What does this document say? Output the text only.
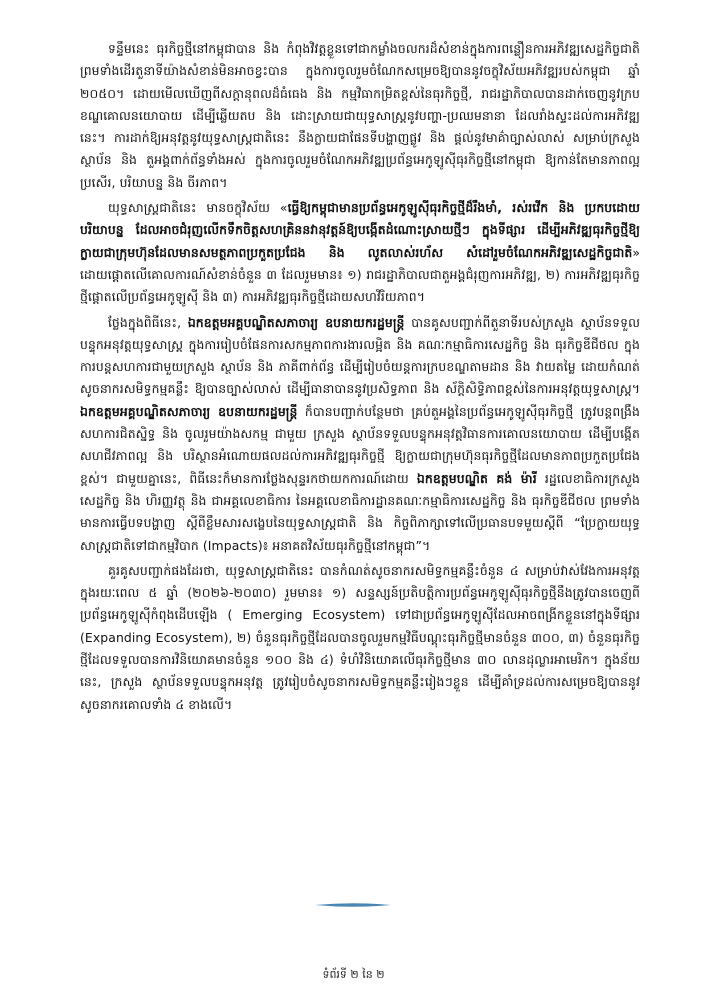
ទន្ទឹមនេះ ធុរកិច្ចថ្មីនៅកម្ពុជាបាន និង កំពុងវិវត្តខ្លួនទៅជាកម្លាំងចលករដ៏សំខាន់ក្នុងការពន្លឿនការអភិវឌ្ឍសេដ្ឋកិច្ចជាតិ ព្រមទាំងដើរតួនាទីយ៉ាងសំខាន់មិនអាចខ្វះបាន ក្នុងការចូលរួមចំណែកសម្រេចឱ្យបាននូវចក្ខុវិស័យអភិវឌ្ឍរបស់កម្ពុជា ឆ្នាំ ២០៥០។ ដោយមើលឃើញពីសក្តានុពលដ៏ធំធេង និង កម្មវិធាកម្រិតខ្ពស់នៃធុរកិច្ចថ្មី, រាជរដ្ឋាភិបាលបានដាក់ចេញនូវក្របខណ្ឌគោលនយោបាយ ដើម្បីឆ្លើយតប និង ដោះស្រាយជាយុទ្ធសាស្ត្រនូវបញ្ហា-ប្រឈមនានា ដែលរាំងស្ទះដល់ការអភិវឌ្ឍនេះ។ ការដាក់ឱ្យអនុវត្តនូវយុទ្ធសាស្ត្រជាតិនេះ នឹងក្លាយជាផែនទីបង្ហាញផ្លូវ និង ផ្តល់នូវមាគ៌ាច្បាស់លាស់ សម្រាប់ក្រសួង ស្ថាប័ន និង តួអង្គពាក់ព័ន្ធទាំងអស់ ក្នុងការចូលរួមចំណែកអភិវឌ្ឍប្រព័ន្ធអេកូឡូស៊ីធុរកិច្ចថ្មីនៅកម្ពុជា ឱ្យកាន់តែមានភាពល្អប្រសើរ, បរិយាបន្ន និង ចីរភាព។

យុទ្ធសាស្ត្រជាតិនេះ មានចក្ខុវិស័យ «ធ្វើឱ្យកម្ពុជាមានប្រព័ន្ធអេកូឡូស៊ីធុរកិច្ចថ្មីដ៏រឹងមាំ, រស់រវើក និង ប្រកបដោយបរិយាបន្ន ដែលអាចជំរុញលើកទឹកចិត្តសហគ្រិននវានុវត្តន៍ឱ្យបង្កើតដំណោះស្រាយថ្មីៗ ក្នុងទីផ្សារ ដើម្បីអភិវឌ្ឍធុរកិច្ចថ្មីឱ្យក្លាយជាក្រុមហ៊ុនដែលមានសមត្ថភាពប្រកួតប្រជែង និង លូតលាស់រហ័ស សំដៅរួមចំណែកអភិវឌ្ឍសេដ្ឋកិច្ចជាតិ» ដោយផ្តោតលើគោលការណ៍សំខាន់ចំនួន ៣ ដែលរួមមាន៖ ១) រាជរដ្ឋាភិបាលជាតួអង្គជំរុញការអភិវឌ្ឍ, ២) ការអភិវឌ្ឍធុរកិច្ចថ្មីផ្តោតលើប្រព័ន្ធអេកូឡូស៊ី និង ៣) ការអភិវឌ្ឍធុរកិច្ចថ្មីដោយសហវិរិយភាព។

ថ្លែងក្នុងពិធីនេះ, ឯកឧត្តមអគ្គបណ្ឌិតសភាចារ្យ ឧបនាយករដ្ឋមន្ត្រី បានគូសបញ្ជាក់ពីតួនាទីរបស់ក្រសួង ស្ថាប័នទទួលបន្ទុកអនុវត្តយុទ្ធសាស្ត្រ ក្នុងការរៀបចំផែនការសកម្មភាពការងារលម្អិត និង គណៈកម្មាធិការសេដ្ឋកិច្ច និង ធុរកិច្ចឌីជីថល ក្នុងការបន្តសហការជាមួយក្រសួង ស្ថាប័ន និង ភាគីពាក់ព័ន្ធ ដើម្បីរៀបចំយន្តការក្របខណ្ឌតាមដាន និង វាយតម្លៃ ដោយកំណត់សូចនាករសមិទ្ធកម្មគន្លឹះ ឱ្យបានច្បាស់លាស់ ដើម្បីធានាបាននូវប្រសិទ្ធភាព និង ស័ក្តិសិទ្ធិភាពខ្ពស់នៃការអនុវត្តយុទ្ធសាស្ត្រ។ ឯកឧត្តមអគ្គបណ្ឌិតសភាចារ្យ ឧបនាយករដ្ឋមន្ត្រី ក៏បានបញ្ជាក់បន្ថែមថា គ្រប់តួអង្គនៃប្រព័ន្ធអេកូឡូស៊ីធុរកិច្ចថ្មី ត្រូវបន្តពង្រឹងសហការជិតស្និទ្ធ និង ចូលរួមយ៉ាងសកម្ម ជាមួយ ក្រសួង ស្ថាប័នទទួលបន្ទុកអនុវត្តវិធានការគោលនយោបាយ ដើម្បីបង្កើតសហជីវភាពល្អ និង បរិស្ថានអំណោយផលដល់ការអភិវឌ្ឍធុរកិច្ចថ្មី ឱ្យក្លាយជាក្រុមហ៊ុនធុរកិច្ចថ្មីដែលមានភាពប្រកួតប្រជែងខ្ពស់។ ជាមួយគ្នានេះ, ពិធីនេះក៏មានការថ្លែងសុន្ទរកថាយកការណ៍ដោយ ឯកឧត្តមបណ្ឌិត គង់ ម៉ារី រដ្ឋលេខាធិការក្រសួងសេដ្ឋកិច្ច និង ហិរញ្ញវត្ថុ និង ជាអគ្គលេខាធិការ នៃអគ្គលេខាធិការដ្ឋានគណៈកម្មាធិការសេដ្ឋកិច្ច និង ធុរកិច្ចឌីជីថល ព្រមទាំងមានការធ្វើបទបង្ហាញ ស្តីពីខ្លឹមសារសង្ខេបនៃយុទ្ធសាស្ត្រជាតិ និង កិច្ចពិភាក្សាទៅលើប្រធានបទមួយស្តីពី “ប្រែក្លាយយុទ្ធសាស្ត្រជាតិទៅជាកម្មវិបាក (Impacts)៖ អនាគតវិស័យធុរកិច្ចថ្មីនៅកម្ពុជា”។

គួរគូសបញ្ជាក់ផងដែរថា, យុទ្ធសាស្ត្រជាតិនេះ បានកំណត់សូចនាករសមិទ្ធកម្មគន្លឹះចំនួន ៤ សម្រាប់វាស់វែងការអនុវត្តក្នុងរយៈពេល ៥ ឆ្នាំ (២០២៦-២០៣០) រួមមាន៖ ១) សន្ទស្សន៍ប្រតិបត្តិការប្រព័ន្ធអេកូឡូស៊ីធុរកិច្ចថ្មីនឹងត្រូវបានចេញពី ប្រព័ន្ធអេកូឡូស៊ីកំពុងដើបឡើង ( Emerging Ecosystem) ទៅជាប្រព័ន្ធអេកូឡូស៊ីដែលអាចពង្រីកខ្លួននៅក្នុងទីផ្សារ (Expanding Ecosystem), ២) ចំនួនធុរកិច្ចថ្មីដែលបានចូលរួមកម្មវិធីបណ្តុះធុរកិច្ចថ្មីមានចំនួន ៣០០, ៣) ចំនួនធុរកិច្ចថ្មីដែលទទួលបានការវិនិយោគមានចំនួន ១០០ និង ៤) ទំហំវិនិយោគលើធុរកិច្ចថ្មីមាន ៣០ លានដុល្លារអាមេរិក។ ក្នុងន័យនេះ, ក្រសួង ស្ថាប័នទទួលបន្ទុកអនុវត្ត ត្រូវរៀបចំសូចនាករសមិទ្ធកម្មគន្លឹះរៀងៗខ្លួន ដើម្បីគាំទ្រដល់ការសម្រេចឱ្យបាននូវសូចនាករគោលទាំង ៤ ខាងលើ។

ទំព័រទី ២ នៃ ២
